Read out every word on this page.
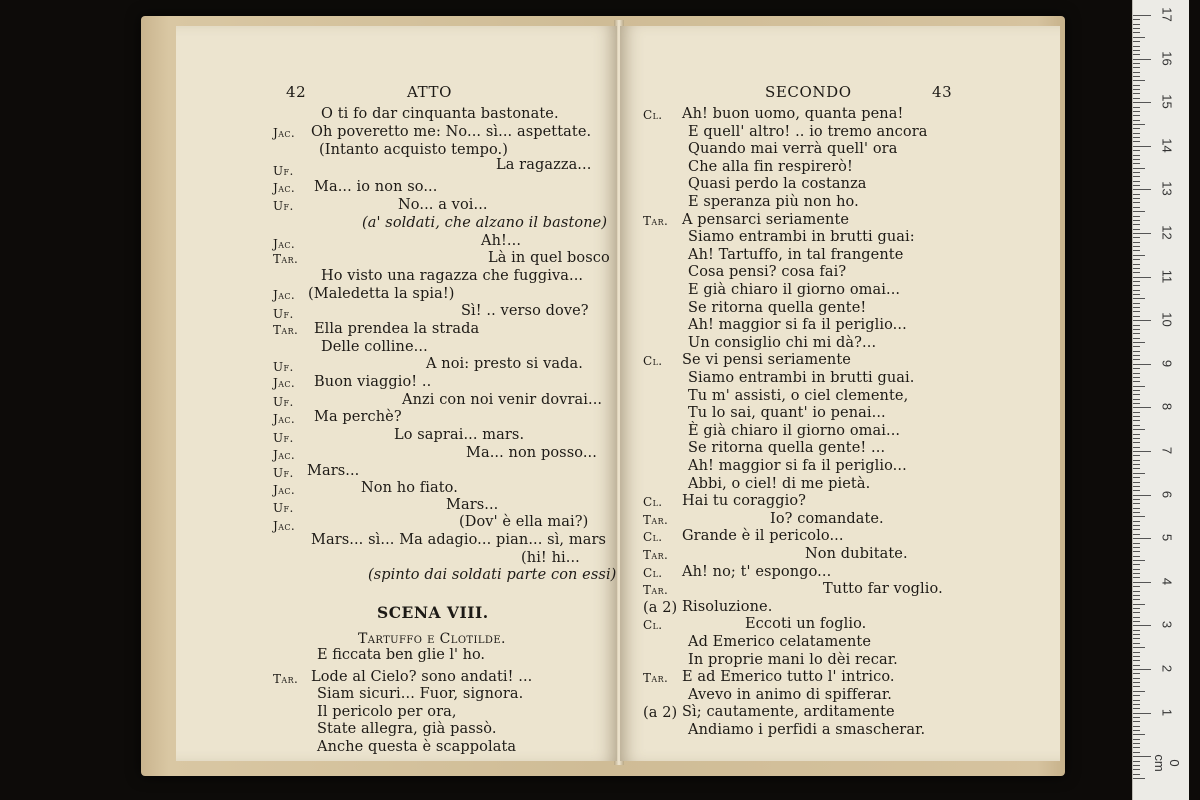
42	ATTO
O ti fo dar cinquanta bastonate.
Jac. Oh poveretto me: No... sì... aspettate.
(Intanto acquisto tempo.)
Uf.	La ragazza...
Jac. Ma... io non so...
Uf.	No... a voi...
(a' soldati, che alzano il bastone)
Jac.	Ah!...
Tar.	Là in quel bosco
Ho visto una ragazza che fuggiva...
Jac. (Maledetta la spia!)
Uf.	Sì! .. verso dove?
Tar. Ella prendea la strada
Delle colline...
Uf.	A noi: presto si vada.
Jac. Buon viaggio! ..
Uf.	Anzi con noi venir dovrai...
Jac. Ma perchè?
Uf.	Lo saprai... mars.
Jac.	Ma... non posso...
Uf. Mars...
Jac.	Non ho fiato.
Uf.	Mars...
Jac.	(Dov' è ella mai?)
Mars... sì... Ma adagio... pian... sì, mars
(hi! hi...
(spinto dai soldati parte con essi)
SCENA VIII.
Tartuffo e Clotilde.
Tar. Lode al Cielo? sono andati! ...
Siam sicuri... Fuor, signora.
Il pericolo per ora,
State allegra, già passò.
Anche questa è scappolata
E ficcata ben glie l' ho.
SECONDO	43
Cl. Ah! buon uomo, quanta pena!
E quell' altro! .. io tremo ancora
Quando mai verrà quell' ora
Che alla fin respirerò!
Quasi perdo la costanza
E speranza più non ho.
Tar. A pensarci seriamente
Siamo entrambi in brutti guai:
Ah! Tartuffo, in tal frangente
Cosa pensi? cosa fai?
E già chiaro il giorno omai...
Se ritorna quella gente!
Ah! maggior si fa il periglio...
Un consiglio chi mi dà?...
Cl. Se vi pensi seriamente
Siamo entrambi in brutti guai.
Tu m' assisti, o ciel clemente,
Tu lo sai, quant' io penai...
È già chiaro il giorno omai...
Se ritorna quella gente! ...
Ah! maggior si fa il periglio...
Abbi, o ciel! di me pietà.
Cl. Hai tu coraggio?
Tar.	Io? comandate.
Cl. Grande è il pericolo...
Tar.	Non dubitate.
Cl. Ah! no; t' espongo...
Tar.	Tutto far voglio.
(a 2) Risoluzione.
Cl.	Eccoti un foglio.
Ad Emerico celatamente
In proprie mani lo dèi recar.
Tar. E ad Emerico tutto l' intrico.
Avevo in animo di spifferar.
(a 2) Sì; cautamente, arditamente
Andiamo i perfidi a smascherar.
17
16
15
14
13
12
11
10
9
8
7
6
5
4
3
2
1
0 cm
